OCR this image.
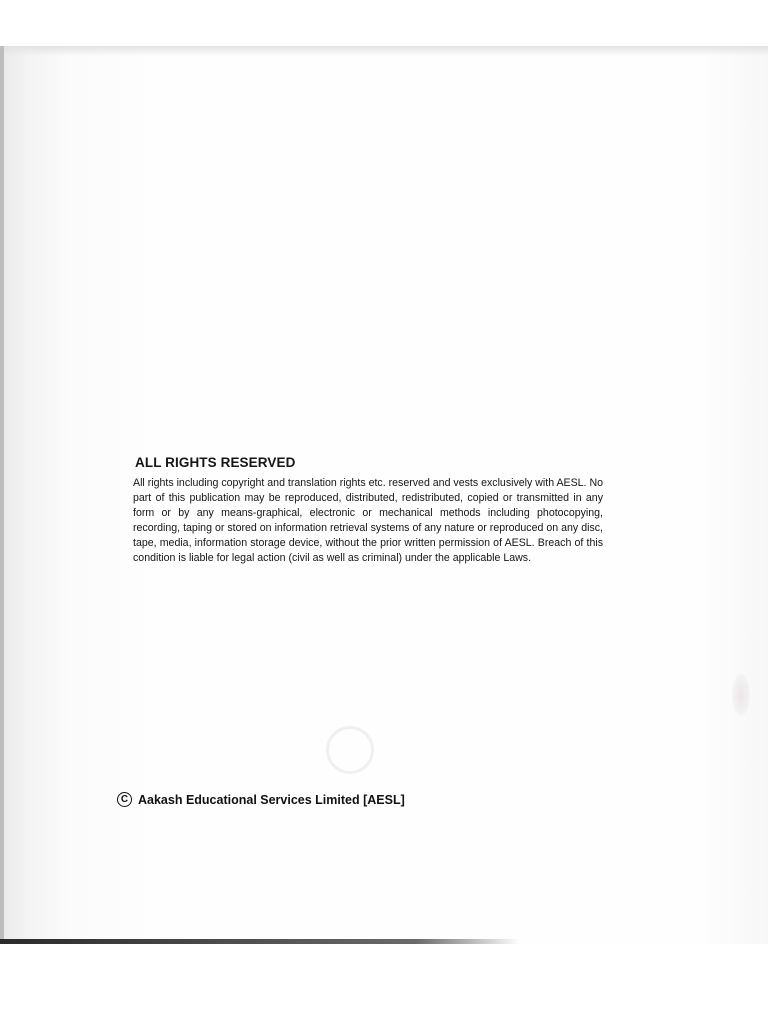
ALL RIGHTS RESERVED

All rights including copyright and translation rights etc. reserved and vests exclusively with AESL. No part of this publication may be reproduced, distributed, redistributed, copied or transmitted in any form or by any means-graphical, electronic or mechanical methods including photocopying, recording, taping or stored on information retrieval systems of any nature or reproduced on any disc, tape, media, information storage device, without the prior written permission of AESL. Breach of this condition is liable for legal action (civil as well as criminal) under the applicable Laws.

C Aakash Educational Services Limited [AESL]
